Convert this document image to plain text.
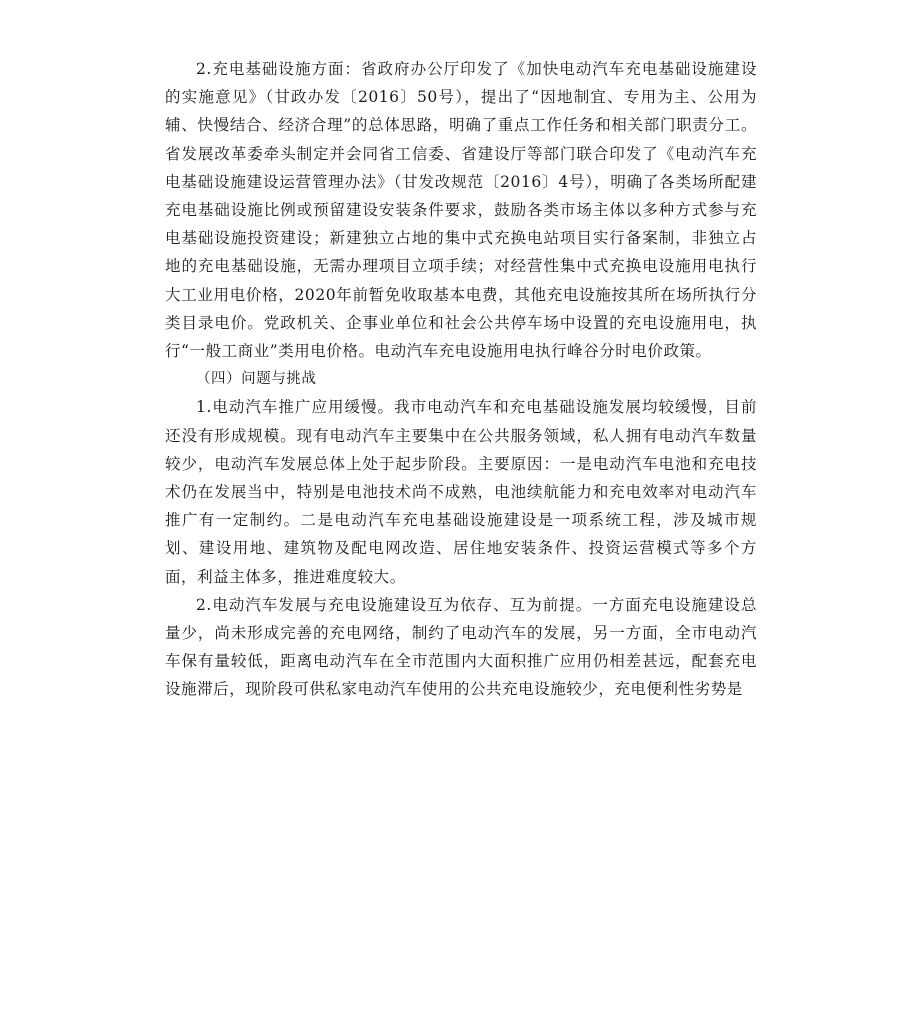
2.充电基础设施方面：省政府办公厅印发了《加快电动汽车充电基础设施建设的实施意见》（甘政办发〔2016〕50号），提出了“因地制宜、专用为主、公用为辅、快慢结合、经济合理”的总体思路，明确了重点工作任务和相关部门职责分工。省发展改革委牵头制定并会同省工信委、省建设厅等部门联合印发了《电动汽车充电基础设施建设运营管理办法》（甘发改规范〔2016〕4号），明确了各类场所配建充电基础设施比例或预留建设安装条件要求，鼓励各类市场主体以多种方式参与充电基础设施投资建设；新建独立占地的集中式充换电站项目实行备案制，非独立占地的充电基础设施，无需办理项目立项手续；对经营性集中式充换电设施用电执行大工业用电价格，2020年前暂免收取基本电费，其他充电设施按其所在场所执行分类目录电价。党政机关、企事业单位和社会公共停车场中设置的充电设施用电，执行“一般工商业”类用电价格。电动汽车充电设施用电执行峰谷分时电价政策。

（四）问题与挑战

1.电动汽车推广应用缓慢。我市电动汽车和充电基础设施发展均较缓慢，目前还没有形成规模。现有电动汽车主要集中在公共服务领域，私人拥有电动汽车数量较少，电动汽车发展总体上处于起步阶段。主要原因：一是电动汽车电池和充电技术仍在发展当中，特别是电池技术尚不成熟，电池续航能力和充电效率对电动汽车推广有一定制约。二是电动汽车充电基础设施建设是一项系统工程，涉及城市规划、建设用地、建筑物及配电网改造、居住地安装条件、投资运营模式等多个方面，利益主体多，推进难度较大。

2.电动汽车发展与充电设施建设互为依存、互为前提。一方面充电设施建设总量少，尚未形成完善的充电网络，制约了电动汽车的发展，另一方面，全市电动汽车保有量较低，距离电动汽车在全市范围内大面积推广应用仍相差甚远，配套充电设施滞后，现阶段可供私家电动汽车使用的公共充电设施较少，充电便利性劣势是
